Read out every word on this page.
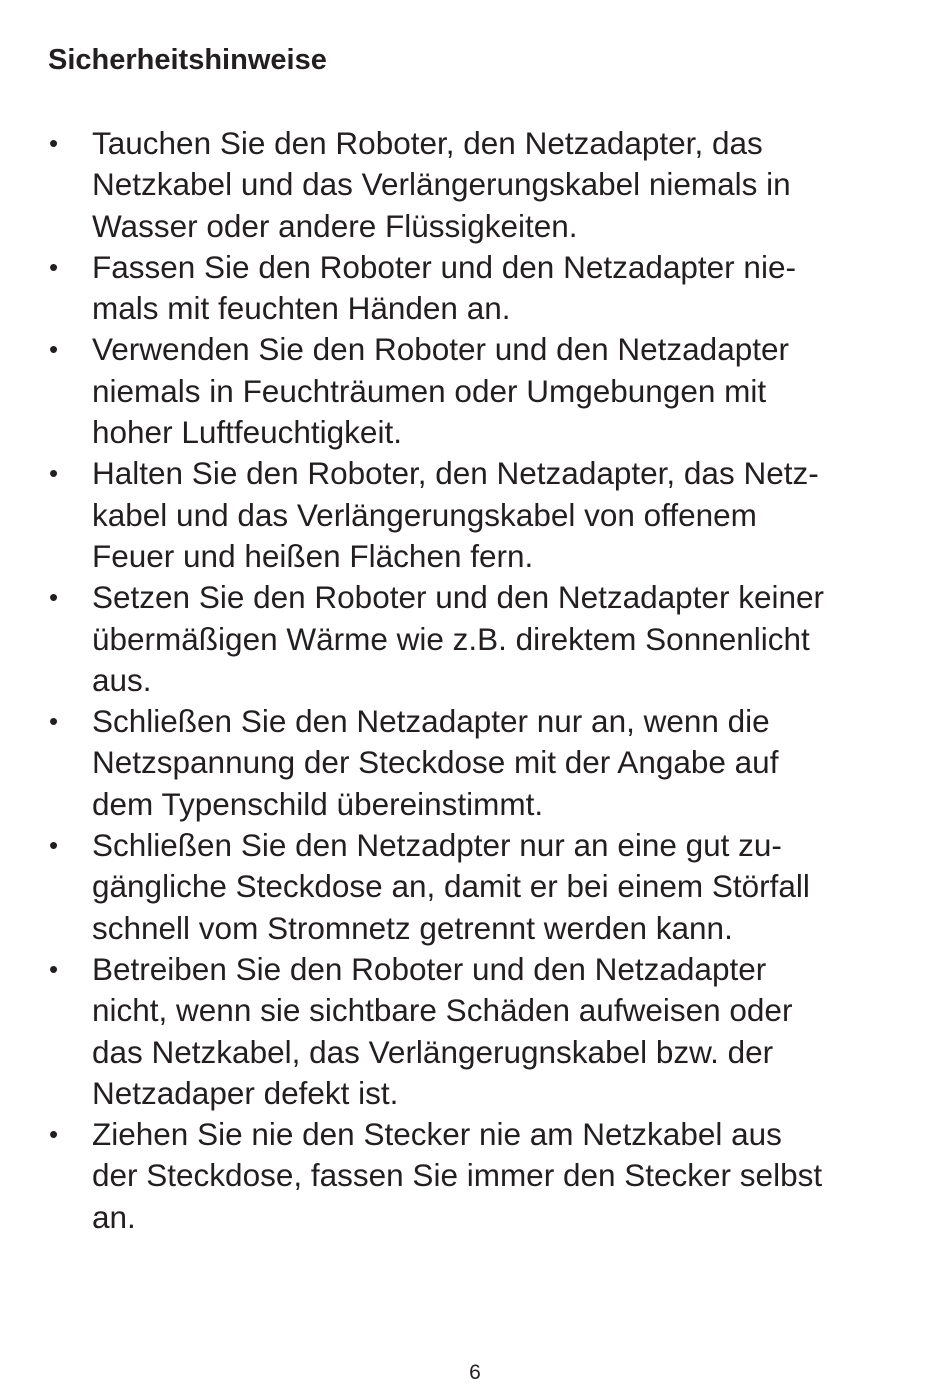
Sicherheitshinweise
• Tauchen Sie den Roboter, den Netzadapter, das
Netzkabel und das Verlängerungskabel niemals in
Wasser oder andere Flüssigkeiten.
• Fassen Sie den Roboter und den Netzadapter nie-
mals mit feuchten Händen an.
• Verwenden Sie den Roboter und den Netzadapter
niemals in Feuchträumen oder Umgebungen mit
hoher Luftfeuchtigkeit.
• Halten Sie den Roboter, den Netzadapter, das Netz-
kabel und das Verlängerungskabel von offenem
Feuer und heißen Flächen fern.
• Setzen Sie den Roboter und den Netzadapter keiner
übermäßigen Wärme wie z.B. direktem Sonnenlicht
aus.
• Schließen Sie den Netzadapter nur an, wenn die
Netzspannung der Steckdose mit der Angabe auf
dem Typenschild übereinstimmt.
• Schließen Sie den Netzadpter nur an eine gut zu-
gängliche Steckdose an, damit er bei einem Störfall
schnell vom Stromnetz getrennt werden kann.
• Betreiben Sie den Roboter und den Netzadapter
nicht, wenn sie sichtbare Schäden aufweisen oder
das Netzkabel, das Verlängerugnskabel bzw. der
Netzadaper defekt ist.
• Ziehen Sie nie den Stecker nie am Netzkabel aus
der Steckdose, fassen Sie immer den Stecker selbst
an.
6
